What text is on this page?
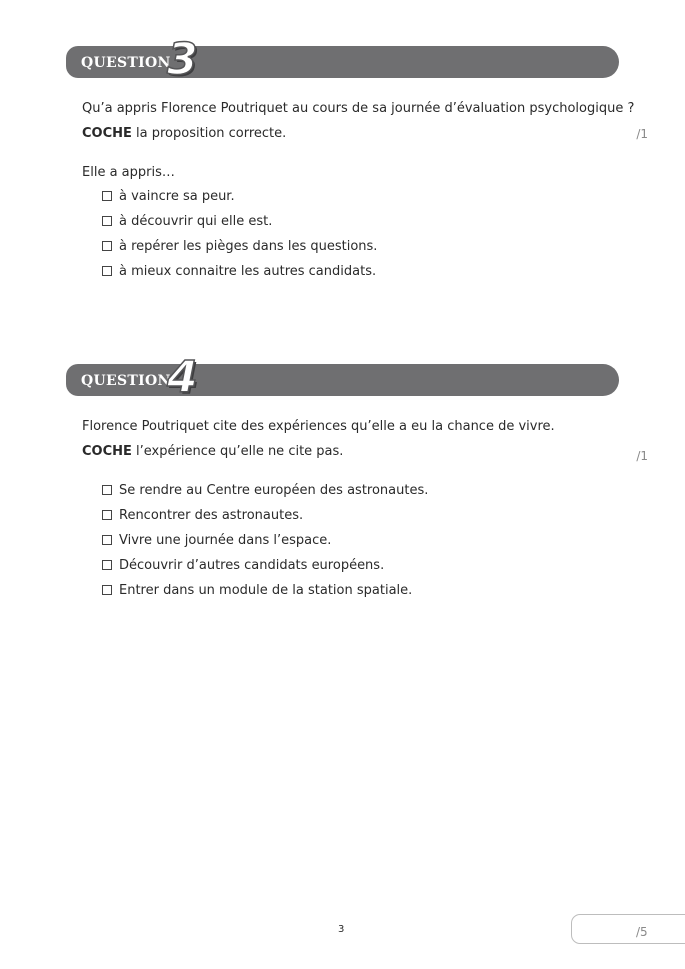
QUESTION
3
Qu’a appris Florence Poutriquet au cours de sa journée d’évaluation psychologique ?
COCHE la proposition correcte.	/1
Elle a appris…
à vaincre sa peur.
à découvrir qui elle est.
à repérer les pièges dans les questions.
à mieux connaitre les autres candidats.
QUESTION
4
Florence Poutriquet cite des expériences qu’elle a eu la chance de vivre.
COCHE l’expérience qu’elle ne cite pas.	/1
Se rendre au Centre européen des astronautes.
Rencontrer des astronautes.
Vivre une journée dans l’espace.
Découvrir d’autres candidats européens.
Entrer dans un module de la station spatiale.
3	/5
